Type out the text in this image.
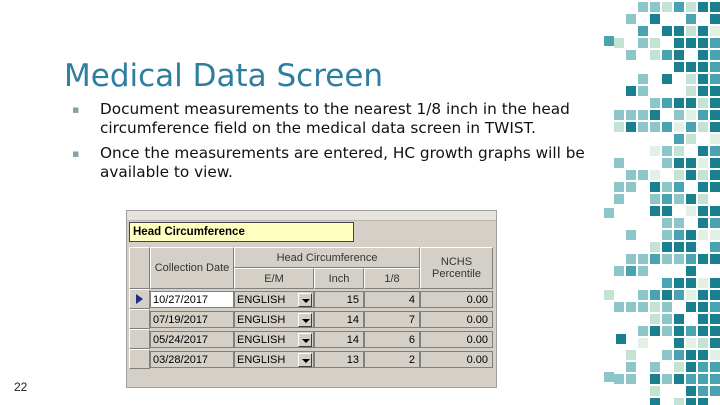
Medical Data Screen
▪ Document measurements to the nearest 1/8 inch in the head circumference field on the medical data screen in TWIST.
▪ Once the measurements are entered, HC growth graphs will be available to view.
Head Circumference
Collection Date
Head Circumference	NCHS Percentile
E/M	Inch	1/8
10/27/2017	ENGLISH	15	4	0.00
07/19/2017	ENGLISH	14	7	0.00
05/24/2017	ENGLISH	14	6	0.00
03/28/2017	ENGLISH	13	2	0.00
22
